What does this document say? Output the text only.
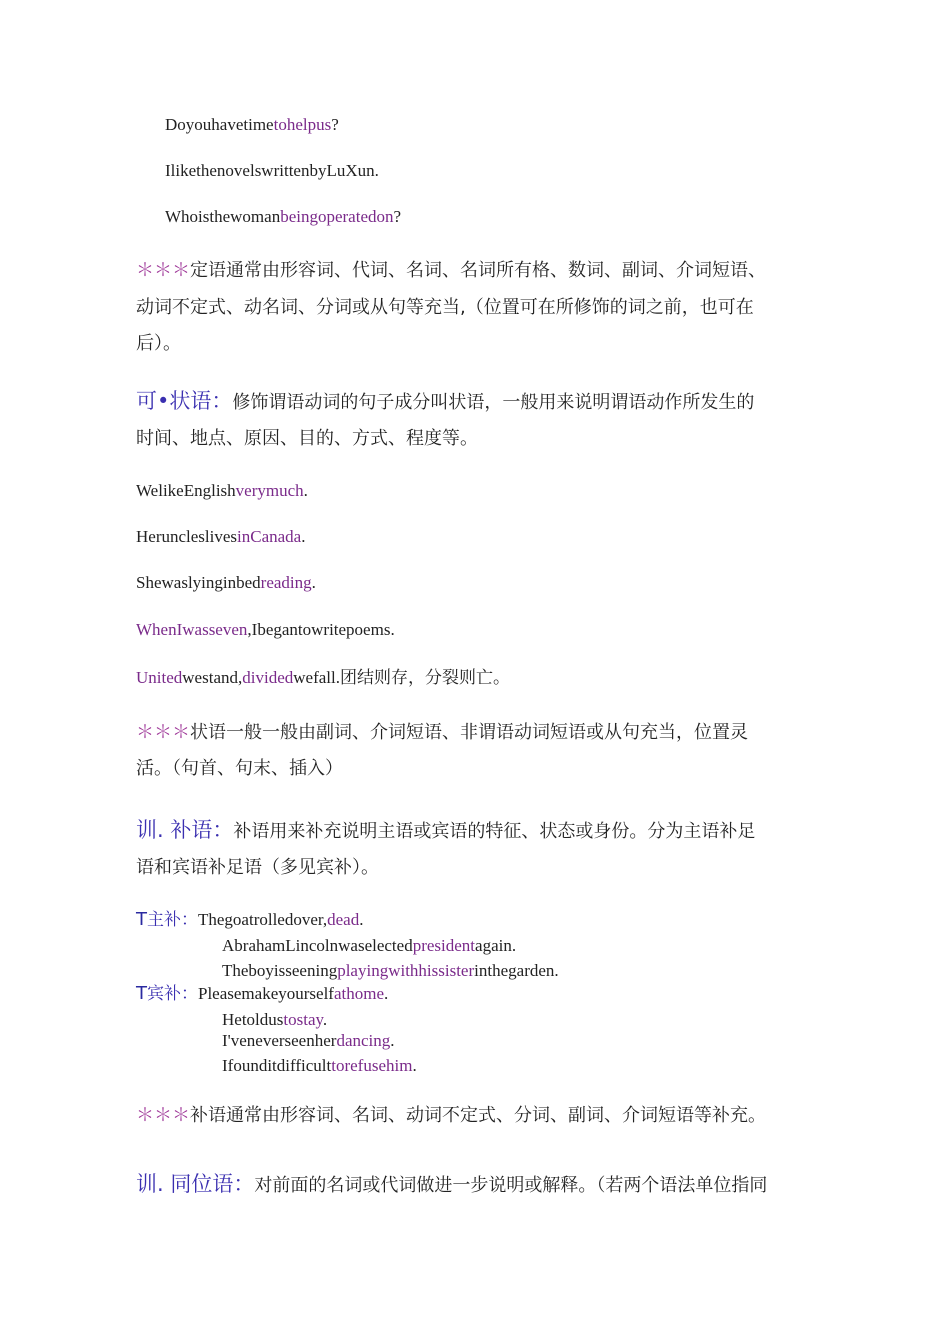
Doyouhavetimetohelpus?
IlikethenovelswrittenbyLuXun.
Whoisthewomanbeingoperatedon?
＊＊＊定语通常由形容词、代词、名词、名词所有格、数词、副词、介词短语、
动词不定式、动名词、分词或从句等充当,（位置可在所修饰的词之前，也可在
后）。
可•状语：修饰谓语动词的句子成分叫状语，一般用来说明谓语动作所发生的
时间、地点、原因、目的、方式、程度等。
WelikeEnglishverymuch.
HeruncleslivesinCanada.
Shewaslyinginbedreading.
WhenIwasseven,Ibegantowritepoems.
Unitedwestand,dividedwefall.团结则存，分裂则亡。
＊＊＊状语一般一般由副词、介词短语、非谓语动词短语或从句充当，位置灵
活。（句首、句末、插入）
训. 补语：补语用来补充说明主语或宾语的特征、状态或身份。分为主语补足
语和宾语补足语（多见宾补）。
T主补：Thegoatrolledover,dead.
AbrahamLincolnwaselectedpresidentagain.
Theboyisseeningplayingwithhissisterinthegarden.
T宾补：Pleasemakeyourselfathome.
Hetoldustostay.
I'veneverseenherdancing.
Ifounditdifficulttorefusehim.
＊＊＊补语通常由形容词、名词、动词不定式、分词、副词、介词短语等补充。
训. 同位语：对前面的名词或代词做进一步说明或解释。（若两个语法单位指同
